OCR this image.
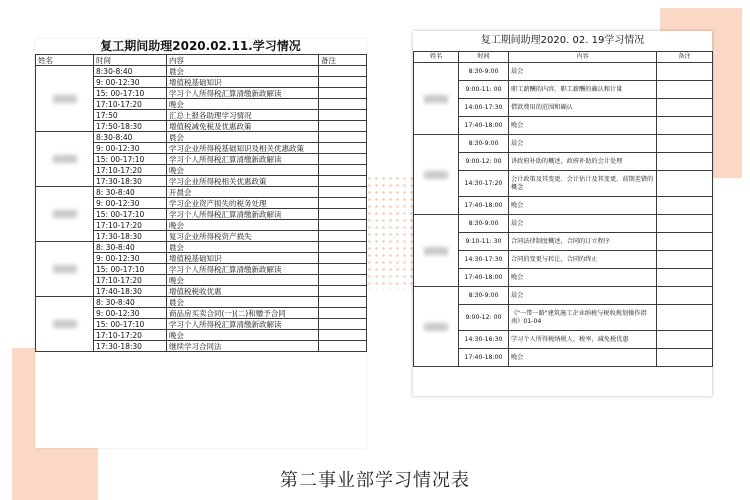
复工期间助理2020.02.11.学习情况
姓名	时间	内容	备注

	8:30-8:40	晨会	
	9: 00-12:30	增值税基础知识	
	15: 00-17:10	学习个人所得税汇算清缴新政解读	
	17:10-17:20	晚会	
	17:50	汇总上报各助理学习情况	
	17:50-18:30	增值税减免税及优惠政策	

	8:30-8:40	晨会	
	9: 00-12:30	学习企业所得税基础知识及相关优惠政策	
	15: 00-17:10	学习个人所得税汇算清缴新政解读	
	17:10-17:20	晚会	
	17:30-18:30	学习企业所得税相关优惠政策	

	8: 30-8:40	开晨会	
	9: 00-12:30	学习企业资产损失的税务处理	
	15: 00-17:10	学习个人所得税汇算清缴新政解读	
	17:10-17:20	晚会	
	17:30-18:30	复习企业所得税资产损失	

	8: 30-8:40	晨会	
	9: 00-12:30	增值税基础知识	
	15: 00-17:10	学习个人所得税汇算清缴新政解读	
	17:10-17:20	晚会	
	17:40-18:30	增值税税收优惠	

	8: 30-8:40	晨会	
	9: 00-12:30	商品房买卖合同(一)(二)和赠予合同	
	15: 00-17:10	学习个人所得税汇算清缴新政解读	
	17:10-17:20	晚会	
	17:30-18:30	继续学习合同法	
复工期间助理2020. 02. 19学习情况
姓名	时间	内容	备注

	8:30-9:00	晨会	
	9:00-11: 00	职工薪酬的内容、职工薪酬的确认和计量	
	14:00-17:30	借款费用的范围和确认	
	17:40-18:00	晚会	

	8:30-9:00	晨会	
	9:00-12: 00	讲政府补助的概述，政府补助的会计处理	
	14:30-17:20	会计政策及其变更、会计估计及其变更、前期差错的概念	
	17:40-18:00	晚会	

	8:30-9:00	晨会	
	9:10-11: 30	合同法律制度概述，合同的订立程序	
	14:30-17:30	合同的变更与转让，合同的终止	
	17:40-18:00	晚会	

	8:30-9:00	晨会	
	9:00-12: 00	《"一带一路"建筑施工企业纳税与税收规划操作指南》01-04	
	14:30-16:30	学习个人所得税纳税人、税率、减免税优惠	
	17:40-18:00	晚会	
第二事业部学习情况表
